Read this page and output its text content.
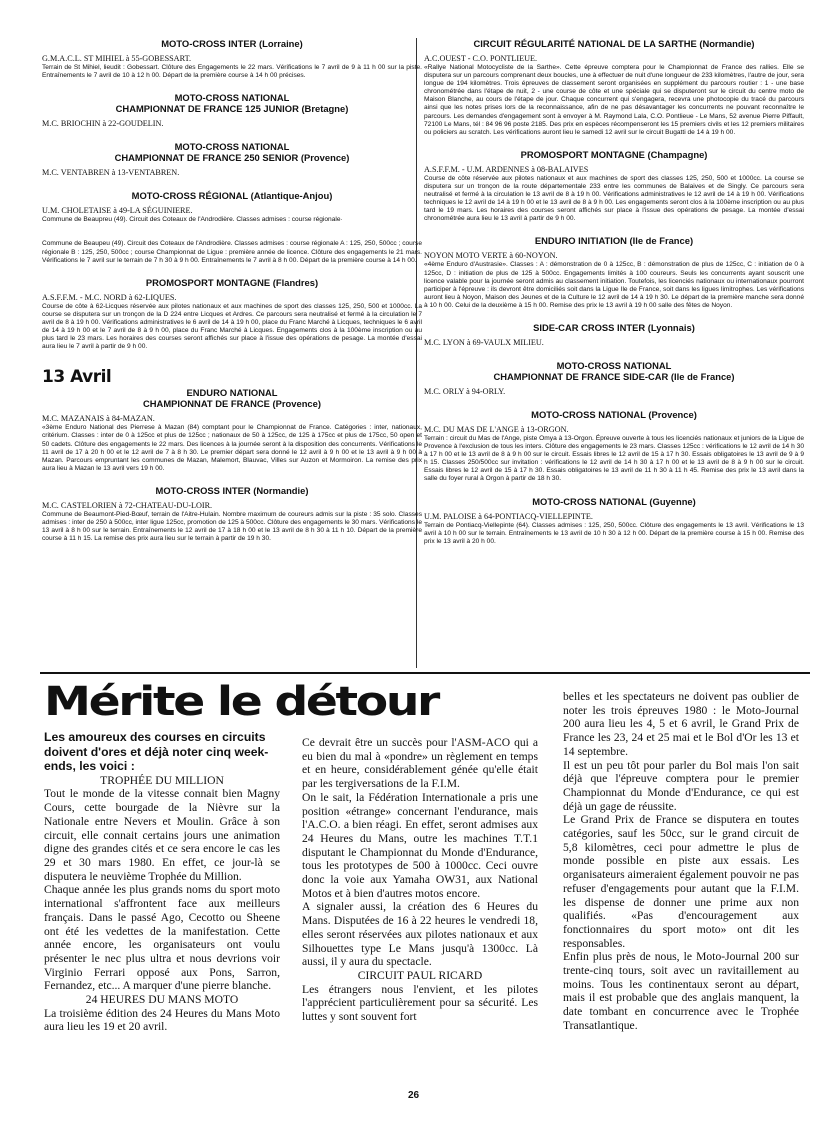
MOTO-CROSS INTER (Lorraine)
G.M.A.C.L. ST MIHIEL à 55-GOBESSART.

Terrain de St Mihiel, lieudit : Gobessart. Clôture des Engagements le 22 mars. Vérifications le 7 avril de 9 à 11 h 00 sur la piste. Entraînements le 7 avril de 10 à 12 h 00. Départ de la première course à 14 h 00 précises.

MOTO-CROSS NATIONAL
CHAMPIONNAT DE FRANCE 125 JUNIOR (Bretagne)
M.C. BRIOCHIN à 22-GOUDELIN.
MOTO-CROSS NATIONAL
CHAMPIONNAT DE FRANCE 250 SENIOR (Provence)
M.C. VENTABREN à 13-VENTABREN.
MOTO-CROSS RÉGIONAL (Atlantique-Anjou)
U.M. CHOLETAISE à 49-LA SÉGUINIERE.

Commune de Beaupreu (49). Circuit des Coteaux de l'Androdière. Classes admises : course régionale·

Commune de Beaupeu (49). Circuit des Coteaux de l'Androdière. Classes admises : course régionale A : 125, 250, 500cc ; course régionale B : 125, 250, 500cc ; course Championnat de Ligue : première année de licence. Clôture des engagements le 21 mars. Vérifications le 7 avril sur le terrain de 7 h 30 à 9 h 00. Entraînements le 7 avril à 8 h 00. Départ de la première course à 14 h 00.

PROMOSPORT MONTAGNE (Flandres)
A.S.F.F.M. - M.C. NORD à 62-LIQUES.

Course de côte à 62-Licques réservée aux pilotes nationaux et aux machines de sport des classes 125, 250, 500 et 1000cc. La course se disputera sur un tronçon de la D 224 entre Licques et Ardres. Ce parcours sera neutralisé et fermé à la circulation le 7 avril de 8 à 19 h 00. Vérifications administratives le 6 avril de 14 à 19 h 00, place du Franc Marché à Licques, techniques le 6 avril de 14 à 19 h 00 et le 7 avril de 8 à 9 h 00, place du Franc Marché à Licques. Engagements clos à la 100ème inscription ou au plus tard le 23 mars. Les horaires des courses seront affichés sur place à l'issue des opérations de pesage. La montée d'essai aura lieu le 7 avril à partir de 9 h 00.

13 Avril
ENDURO NATIONAL
CHAMPIONNAT DE FRANCE (Provence)
M.C. MAZANAIS à 84-MAZAN.

«3ème Enduro National des Pierrese à Mazan (84) comptant pour le Championnat de France. Catégories : inter, nationaux, critérium. Classes : inter de 0 à 125cc et plus de 125cc ; nationaux de 50 à 125cc, de 125 à 175cc et plus de 175cc, 50 open et 50 cadets. Clôture des engagements le 22 mars. Des licences à la journée seront à la disposition des concurrents. Vérifications le 11 avril de 17 à 20 h 00 et le 12 avril de 7 à 8 h 30. Le premier départ sera donné le 12 avril à 9 h 00 et le 13 avril à 9 h 00 à Mazan. Parcours empruntant les communes de Mazan, Malemort, Blauvac, Villes sur Auzon et Mormoiron. La remise des prix aura lieu à Mazan le 13 avril vers 19 h 00.

MOTO-CROSS INTER (Normandie)
M.C. CASTELORIEN à 72-CHATEAU-DU-LOIR.

Commune de Beaumont-Pied-Bœuf, terrain de l'Aitre-Hulain. Nombre maximum de coureurs admis sur la piste : 35 solo. Classes admises : inter de 250 à 500cc, inter ligue 125cc, promotion de 125 à 500cc. Clôture des engagements le 30 mars. Vérifications le 13 avril à 8 h 00 sur le terrain. Entraînements le 12 avril de 17 à 18 h 00 et le 13 avril de 8 h 30 à 11 h 10. Départ de la première course à 11 h 15. La remise des prix aura lieu sur le terrain à partir de 19 h 30.

CIRCUIT RÉGULARITÉ NATIONAL DE LA SARTHE (Normandie)
A.C.OUEST - C.O. PONTLIEUE.

«Rallye National Motocycliste de la Sarthe». Cette épreuve comptera pour le Championnat de France des rallies. Elle se disputera sur un parcours comprenant deux boucles, une à effectuer de nuit d'une longueur de 233 kilomètres, l'autre de jour, sera longue de 194 kilomètres. Trois épreuves de classement seront organisées en supplément du parcours routier : 1 - une base chronométrée dans l'étape de nuit, 2 - une course de côte et une spéciale qui se disputeront sur le circuit du centre moto de Maison Blanche, au cours de l'étape de jour. Chaque concurrent qui s'engagera, recevra une photocopie du tracé du parcours ainsi que les notes prises lors de la reconnaissance, afin de ne pas désavantager les concurrents ne pouvant reconnaître le parcours. Les demandes d'engagement sont à envoyer à M. Raymond Lala, C.O. Pontlieue - Le Mans, 52 avenue Pierre Piffault, 72100 Le Mans, tél : 84 96 96 poste 2185. Des prix en espèces récompenseront les 15 premiers civils et les 12 premiers militaires ou policiers au scratch. Les vérifications auront lieu le samedi 12 avril sur le circuit Bugatti de 14 à 19 h 00.

PROMOSPORT MONTAGNE (Champagne)
A.S.F.F.M. - U.M. ARDENNES à 08-BALAIVES

Course de côte réservée aux pilotes nationaux et aux machines de sport des classes 125, 250, 500 et 1000cc. La course se disputera sur un tronçon de la route départementale 233 entre les communes de Balaives et de Singly. Ce parcours sera neutralisé et fermé à la circulation le 13 avril de 8 à 19 h 00. Vérifications administratives le 12 avril de 14 à 19 h 00. Vérifications techniques le 12 avril de 14 à 19 h 00 et le 13 avril de 8 à 9 h 00. Les engagements seront clos à la 100ème inscription ou au plus tard le 19 mars. Les horaires des courses seront affichés sur place à l'issue des opérations de pesage. La montée d'essai chronométrée aura lieu le 13 avril à partir de 9 h 00.

ENDURO INITIATION (Ile de France)
NOYON MOTO VERTE à 60-NOYON.

«4ème Enduro d'Austrasie». Classes : A : démonstration de 0 à 125cc, B : démonstration de plus de 125cc, C : initiation de 0 à 125cc, D : initiation de plus de 125 à 500cc. Engagements limités à 100 coureurs. Seuls les concurrents ayant souscrit une licence valable pour la journée seront admis au classement initiation. Toutefois, les licenciés nationaux ou internationaux pourront participer à l'épreuve : ils devront être domiciliés soit dans la Ligue Ile de France, soit dans les ligues limitrophes. Les vérifications auront lieu à Noyon, Maison des Jeunes et de la Culture le 12 avril de 14 à 19 h 30. Le départ de la première manche sera donné à 10 h 00. Celui de la deuxième à 15 h 00. Remise des prix le 13 avril à 19 h 00 salle des fêtes de Noyon.

SIDE-CAR CROSS INTER (Lyonnais)
M.C. LYON à 69-VAULX MILIEU.
MOTO-CROSS NATIONAL
CHAMPIONNAT DE FRANCE SIDE-CAR (Ile de France)
M.C. ORLY à 94-ORLY.
MOTO-CROSS NATIONAL (Provence)
M.C. DU MAS DE L'ANGE à 13-ORGON.

Terrain : circuit du Mas de l'Ange, piste Omya à 13-Orgon. Épreuve ouverte à tous les licenciés nationaux et juniors de la Ligue de Provence à l'exclusion de tous les inters. Clôture des engagements le 23 mars. Classes 125cc : vérifications le 12 avril de 14 h 30 à 17 h 00 et le 13 avril de 8 à 9 h 00 sur le circuit. Essais libres le 12 avril de 15 à 17 h 30. Essais obligatoires le 13 avril de 9 à 9 h 15. Classes 250/500cc sur invitation : vérifications le 12 avril de 14 h 30 à 17 h 00 et le 13 avril de 8 à 9 h 00 sur le circuit. Essais libres le 12 avril de 15 à 17 h 30. Essais obligatoires le 13 avril de 11 h 30 à 11 h 45. Remise des prix le 13 avril dans la salle du foyer rural à Orgon à partir de 18 h 30.

MOTO-CROSS NATIONAL (Guyenne)
U.M. PALOISE à 64-PONTIACQ-VIELLEPINTE.

Terrain de Pontiacq-Viellepinte (64). Classes admises : 125, 250, 500cc. Clôture des engagements le 13 avril. Vérifications le 13 avril à 10 h 00 sur le terrain. Entraînements le 13 avril de 10 h 30 à 12 h 00. Départ de la première course à 15 h 00. Remise des prix le 13 avril à 20 h 00.

Mérite le détour

Les amoureux des courses en circuits doivent d'ores et déjà noter cinq week-ends, les voici :

TROPHÉE DU MILLION

Tout le monde de la vitesse connait bien Magny Cours, cette bourgade de la Nièvre sur la Nationale entre Nevers et Moulin. Grâce à son circuit, elle connait certains jours une animation digne des grandes cités et ce sera encore le cas les 29 et 30 mars 1980. En effet, ce jour-là se disputera le neuvième Trophée du Million.

Chaque année les plus grands noms du sport moto international s'affrontent face aux meilleurs français. Dans le passé Ago, Cecotto ou Sheene ont été les vedettes de la manifestation. Cette année encore, les organisateurs ont voulu présenter le nec plus ultra et nous devrions voir Virginio Ferrari opposé aux Pons, Sarron, Fernandez, etc... A marquer d'une pierre blanche.

24 HEURES DU MANS MOTO

La troisième édition des 24 Heures du Mans Moto aura lieu les 19 et 20 avril.

Ce devrait être un succès pour l'ASM-ACO qui a eu bien du mal à «pondre» un règlement en temps et en heure, considérablement génée qu'elle était par les tergiversations de la F.I.M.

On le sait, la Fédération Internationale a pris une position «étrange» concernant l'endurance, mais l'A.C.O. a bien réagi. En effet, seront admises aux 24 Heures du Mans, outre les machines T.T.1 disputant le Championnat du Monde d'Endurance, tous les prototypes de 500 à 1000cc. Ceci ouvre donc la voie aux Yamaha OW31, aux National Motos et à bien d'autres motos encore.

A signaler aussi, la création des 6 Heures du Mans. Disputées de 16 à 22 heures le vendredi 18, elles seront réservées aux pilotes nationaux et aux Silhouettes type Le Mans jusqu'à 1300cc. Là aussi, il y aura du spectacle.

CIRCUIT PAUL RICARD

Les étrangers nous l'envient, et les pilotes l'apprécient particulièrement pour sa sécurité. Les luttes y sont souvent fort

belles et les spectateurs ne doivent pas oublier de noter les trois épreuves 1980 : le Moto-Journal 200 aura lieu les 4, 5 et 6 avril, le Grand Prix de France les 23, 24 et 25 mai et le Bol d'Or les 13 et 14 septembre.

Il est un peu tôt pour parler du Bol mais l'on sait déjà que l'épreuve comptera pour le premier Championnat du Monde d'Endurance, ce qui est déjà un gage de réussite.

Le Grand Prix de France se disputera en toutes catégories, sauf les 50cc, sur le grand circuit de 5,8 kilomètres, ceci pour admettre le plus de monde possible en piste aux essais. Les organisateurs aimeraient également pouvoir ne pas refuser d'engagements pour autant que la F.I.M. les dispense de donner une prime aux non qualifiés. «Pas d'encouragement aux fonctionnaires du sport moto» ont dit les responsables.

Enfin plus près de nous, le Moto-Journal 200 sur trente-cinq tours, soit avec un ravitaillement au moins. Tous les continentaux seront au départ, mais il est probable que des anglais manquent, la date tombant en concurrence avec le Trophée Transatlantique.

26
